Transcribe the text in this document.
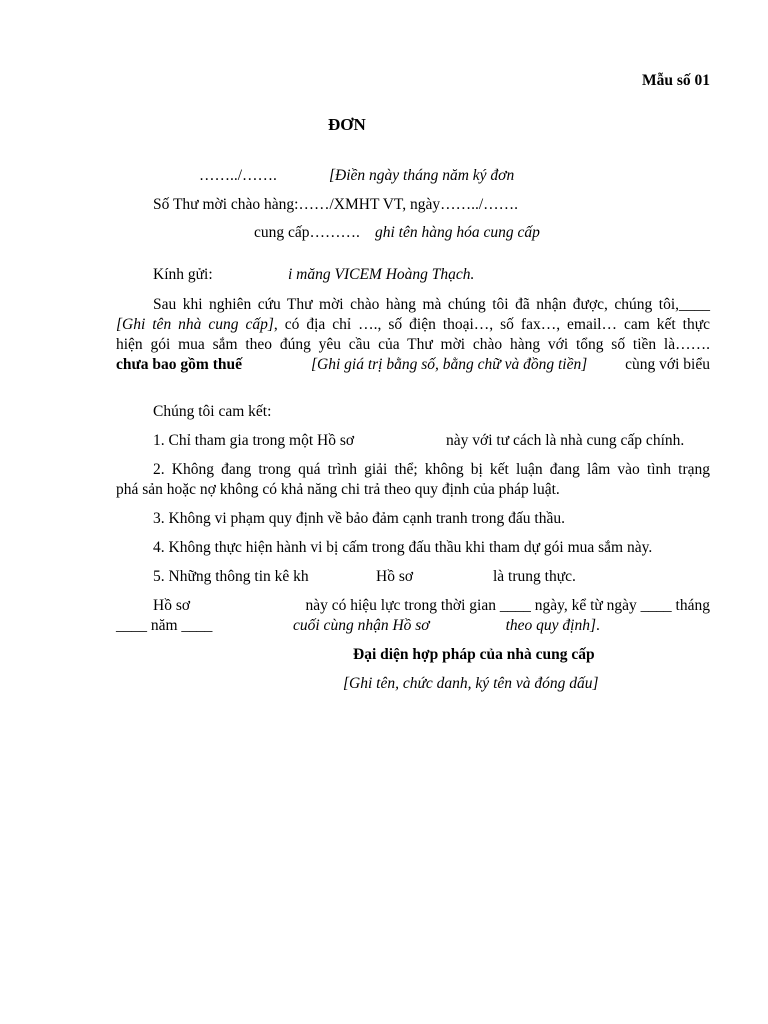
Mẫu số 01
ĐƠN
……../…….	[Điền ngày tháng năm ký đơn
Số Thư mời chào hàng:……/XMHT VT, ngày……../…….
cung cấp………. ghi tên hàng hóa cung cấp
Kính gửi:	i măng VICEM Hoàng Thạch.
Sau khi nghiên cứu Thư mời chào hàng mà chúng tôi đã nhận được, chúng tôi,____
[Ghi tên nhà cung cấp], có địa chỉ …., số điện thoại…, số fax…, email… cam kết thực
hiện gói mua sắm theo đúng yêu cầu của Thư mời chào hàng với tổng số tiền là…….
chưa bao gồm thuế	[Ghi giá trị bằng số, bằng chữ và đồng tiền] cùng với biểu
Chúng tôi cam kết:
1. Chỉ tham gia trong một Hồ sơ	này với tư cách là nhà cung cấp chính.
2. Không đang trong quá trình giải thể; không bị kết luận đang lâm vào tình trạng
phá sản hoặc nợ không có khả năng chi trả theo quy định của pháp luật.
3. Không vi phạm quy định về bảo đảm cạnh tranh trong đấu thầu.
4. Không thực hiện hành vi bị cấm trong đấu thầu khi tham dự gói mua sắm này.
5. Những thông tin kê kh	Hồ sơ	là trung thực.
Hồ sơ	này có hiệu lực trong thời gian ____ ngày, kể từ ngày ____ tháng
____ năm ____	cuối cùng nhận Hồ sơ	theo quy định].
Đại diện hợp pháp của nhà cung cấp
[Ghi tên, chức danh, ký tên và đóng dấu]
